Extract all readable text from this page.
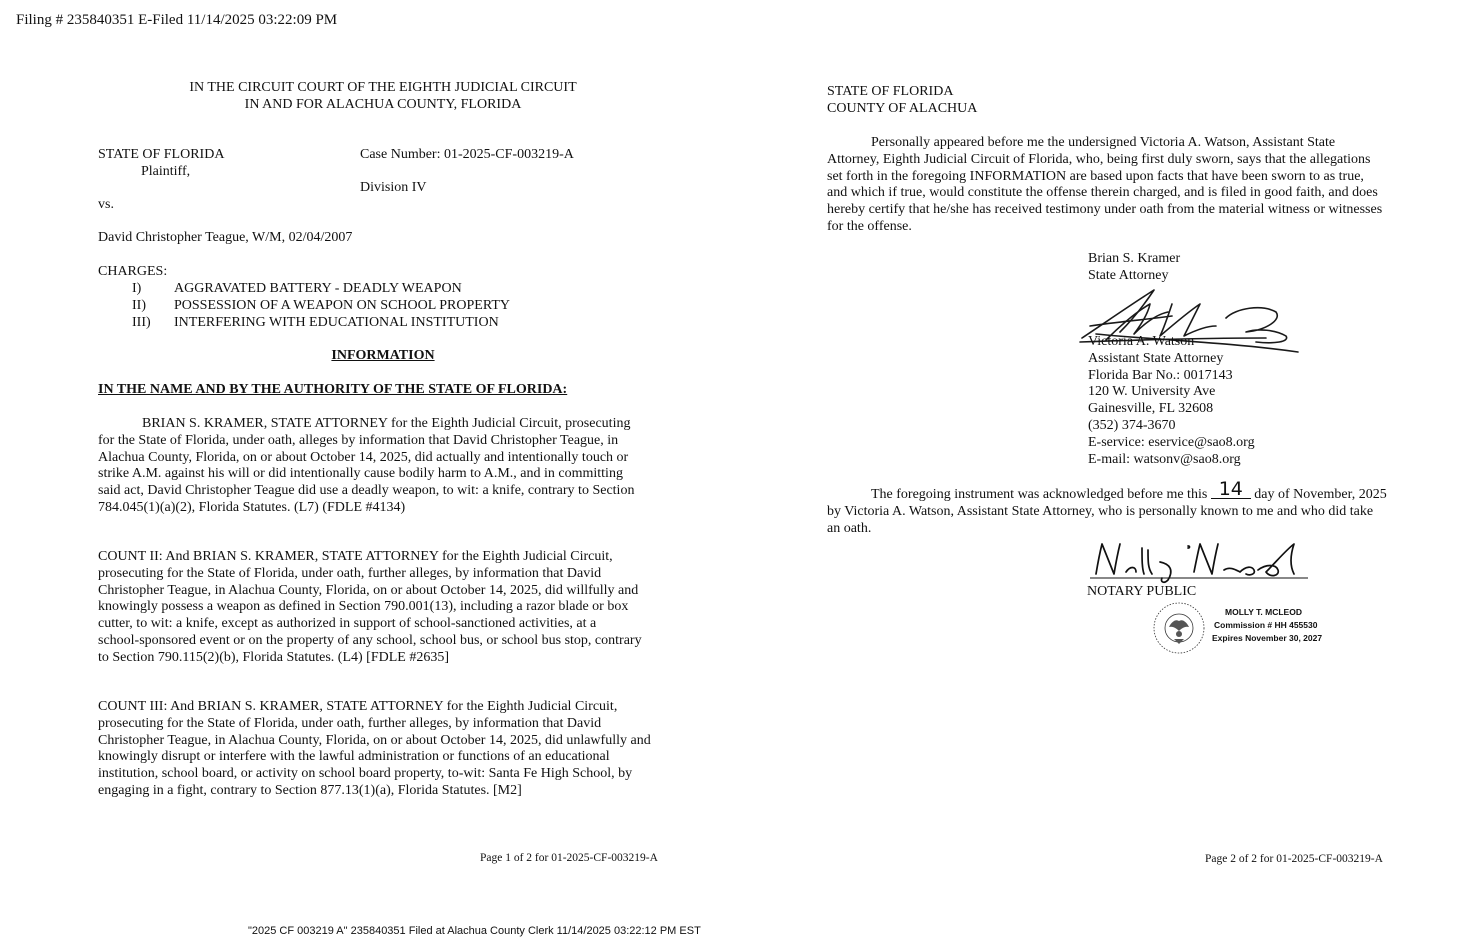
Filing # 235840351 E-Filed 11/14/2025 03:22:09 PM
IN THE CIRCUIT COURT OF THE EIGHTH JUDICIAL CIRCUIT
IN AND FOR ALACHUA COUNTY, FLORIDA
STATE OF FLORIDA
Plaintiff,
Case Number: 01-2025-CF-003219-A
Division IV
vs.
David Christopher Teague, W/M, 02/04/2007
CHARGES:
I) AGGRAVATED BATTERY - DEADLY WEAPON
II) POSSESSION OF A WEAPON ON SCHOOL PROPERTY
III) INTERFERING WITH EDUCATIONAL INSTITUTION
INFORMATION
IN THE NAME AND BY THE AUTHORITY OF THE STATE OF FLORIDA:
BRIAN S. KRAMER, STATE ATTORNEY for the Eighth Judicial Circuit, prosecuting
for the State of Florida, under oath, alleges by information that David Christopher Teague, in
Alachua County, Florida, on or about October 14, 2025, did actually and intentionally touch or
strike A.M. against his will or did intentionally cause bodily harm to A.M., and in committing
said act, David Christopher Teague did use a deadly weapon, to wit: a knife, contrary to Section
784.045(1)(a)(2), Florida Statutes. (L7) (FDLE #4134)
COUNT II: And BRIAN S. KRAMER, STATE ATTORNEY for the Eighth Judicial Circuit,
prosecuting for the State of Florida, under oath, further alleges, by information that David
Christopher Teague, in Alachua County, Florida, on or about October 14, 2025, did willfully and
knowingly possess a weapon as defined in Section 790.001(13), including a razor blade or box
cutter, to wit: a knife, except as authorized in support of school-sanctioned activities, at a
school-sponsored event or on the property of any school, school bus, or school bus stop, contrary
to Section 790.115(2)(b), Florida Statutes. (L4) [FDLE #2635]
COUNT III: And BRIAN S. KRAMER, STATE ATTORNEY for the Eighth Judicial Circuit,
prosecuting for the State of Florida, under oath, further alleges, by information that David
Christopher Teague, in Alachua County, Florida, on or about October 14, 2025, did unlawfully and
knowingly disrupt or interfere with the lawful administration or functions of an educational
institution, school board, or activity on school board property, to-wit: Santa Fe High School, by
engaging in a fight, contrary to Section 877.13(1)(a), Florida Statutes. [M2]
Page 1 of 2 for 01-2025-CF-003219-A
STATE OF FLORIDA
COUNTY OF ALACHUA
Personally appeared before me the undersigned Victoria A. Watson, Assistant State
Attorney, Eighth Judicial Circuit of Florida, who, being first duly sworn, says that the allegations
set forth in the foregoing INFORMATION are based upon facts that have been sworn to as true,
and which if true, would constitute the offense therein charged, and is filed in good faith, and does
hereby certify that he/she has received testimony under oath from the material witness or witnesses
for the offense.
Brian S. Kramer
State Attorney
Victoria A. Watson
Assistant State Attorney
Florida Bar No.: 0017143
120 W. University Ave
Gainesville, FL 32608
(352) 374-3670
E-service: eservice@sao8.org
E-mail: watsonv@sao8.org
The foregoing instrument was acknowledged before me this 14 day of November, 2025
by Victoria A. Watson, Assistant State Attorney, who is personally known to me and who did take
an oath.
NOTARY PUBLIC
MOLLY T. MCLEOD
Commission # HH 455530
Expires November 30, 2027
Page 2 of 2 for 01-2025-CF-003219-A
"2025 CF 003219 A" 235840351 Filed at Alachua County Clerk 11/14/2025 03:22:12 PM EST
